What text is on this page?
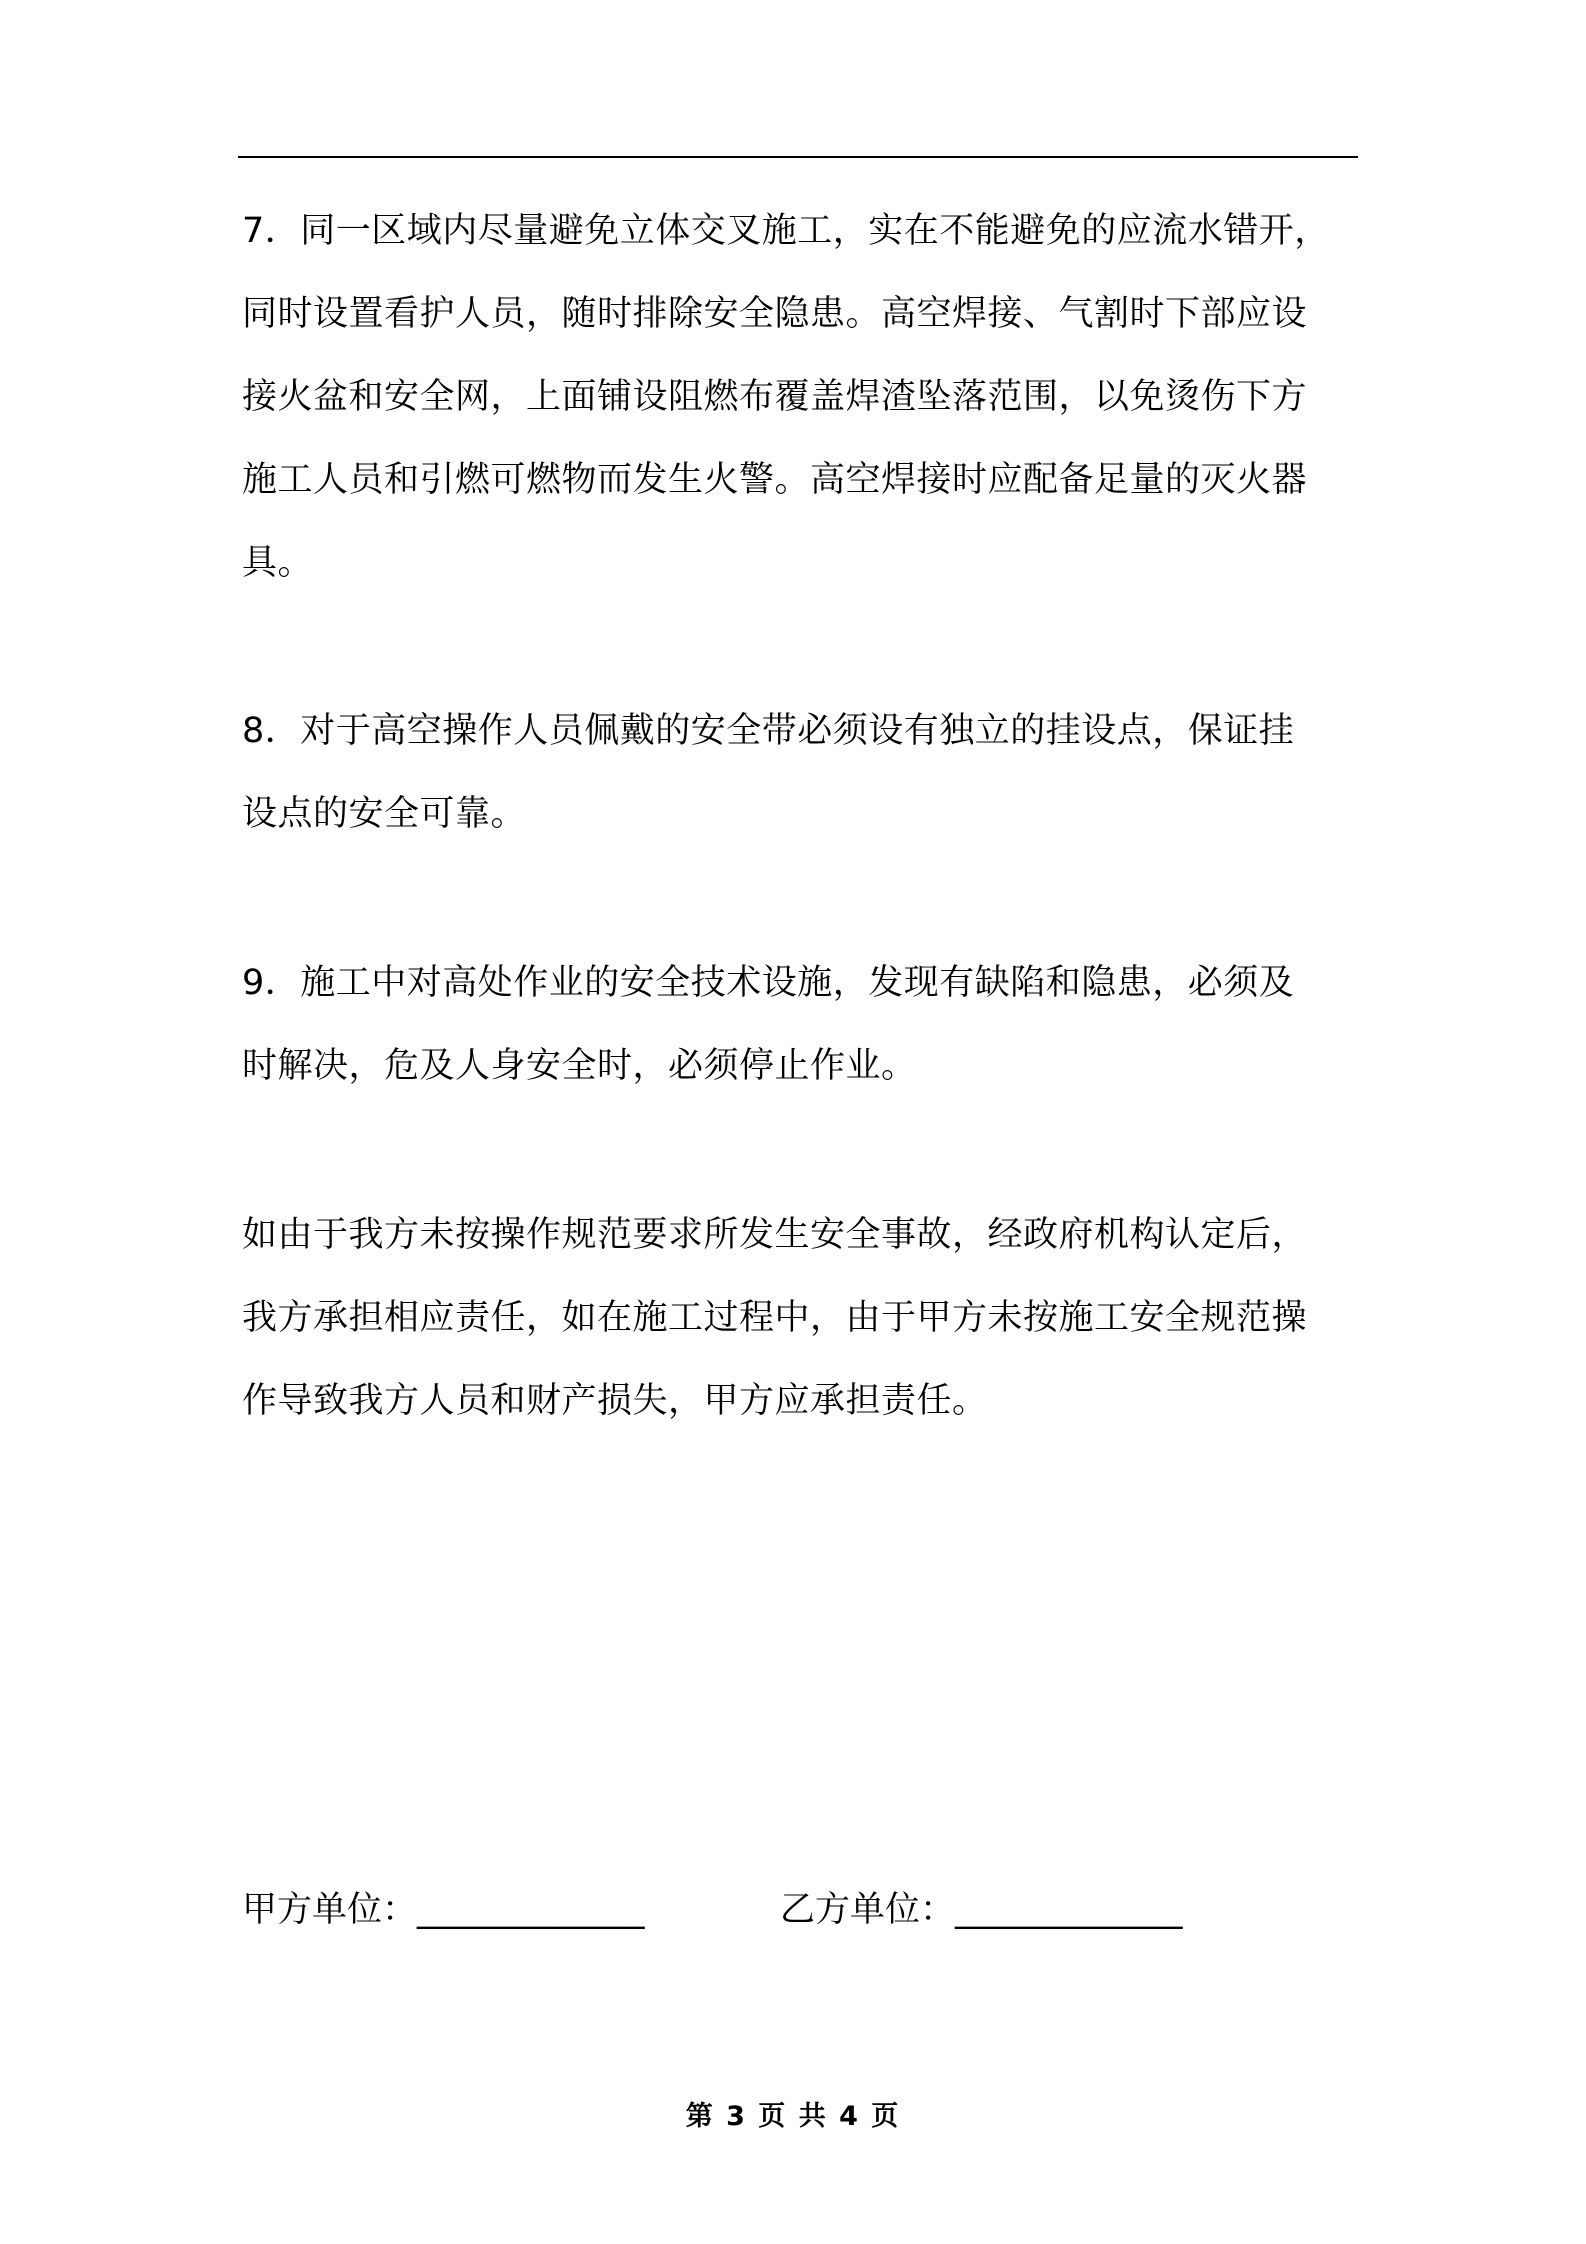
7．同一区域内尽量避免立体交叉施工，实在不能避免的应流水错开，
同时设置看护人员，随时排除安全隐患。高空焊接、气割时下部应设
接火盆和安全网，上面铺设阻燃布覆盖焊渣坠落范围，以免烫伤下方
施工人员和引燃可燃物而发生火警。高空焊接时应配备足量的灭火器
具。
8．对于高空操作人员佩戴的安全带必须设有独立的挂设点，保证挂
设点的安全可靠。
9．施工中对高处作业的安全技术设施，发现有缺陷和隐患，必须及
时解决，危及人身安全时，必须停止作业。
如由于我方未按操作规范要求所发生安全事故，经政府机构认定后，
我方承担相应责任，如在施工过程中，由于甲方未按施工安全规范操
作导致我方人员和财产损失，甲方应承担责任。
甲方单位：_____________	乙方单位：_____________
第 3 页 共 4 页
